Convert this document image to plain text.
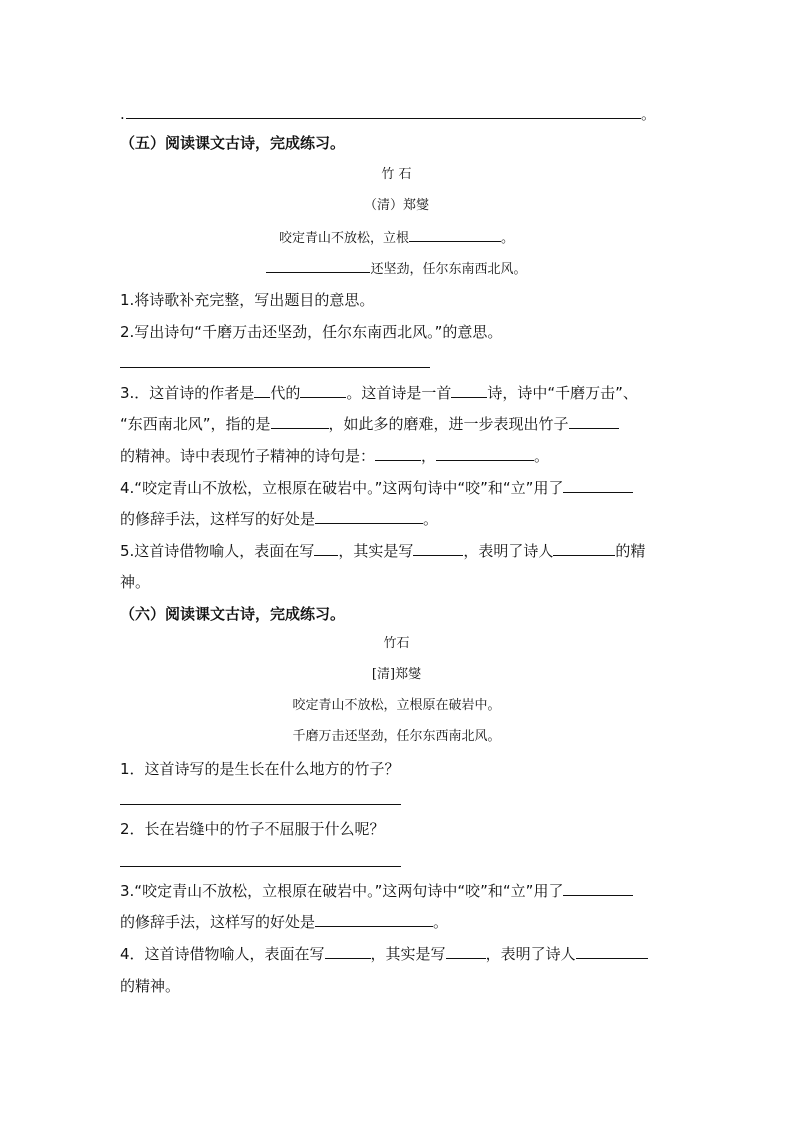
.	。
（五）阅读课文古诗，完成练习。
竹 石
（清）郑燮
咬定青山不放松，立根	。
还坚劲，任尔东南西北风。
1.将诗歌补充完整，写出题目的意思。
2.写出诗句“千磨万击还坚劲，任尔东南西北风。”的意思。
3.．这首诗的作者是 代的	。这首诗是一首 诗，诗中“千磨万击”、
“东西南北风”，指的是	，如此多的磨难，进一步表现出竹子
的精神。诗中表现竹子精神的诗句是：	，	。
4.“咬定青山不放松，立根原在破岩中。”这两句诗中“咬”和“立”用了
的修辞手法，这样写的好处是	。
5.这首诗借物喻人，表面在写 ，其实是写	，表明了诗人	的精
神。
（六）阅读课文古诗，完成练习。
竹石
[清]郑燮
咬定青山不放松，立根原在破岩中。
千磨万击还坚劲，任尔东西南北风。
1．这首诗写的是生长在什么地方的竹子？
2．长在岩缝中的竹子不屈服于什么呢？
3.“咬定青山不放松，立根原在破岩中。”这两句诗中“咬”和“立”用了
的修辞手法，这样写的好处是	。
4．这首诗借物喻人，表面在写	，其实是写	，表明了诗人
的精神。
